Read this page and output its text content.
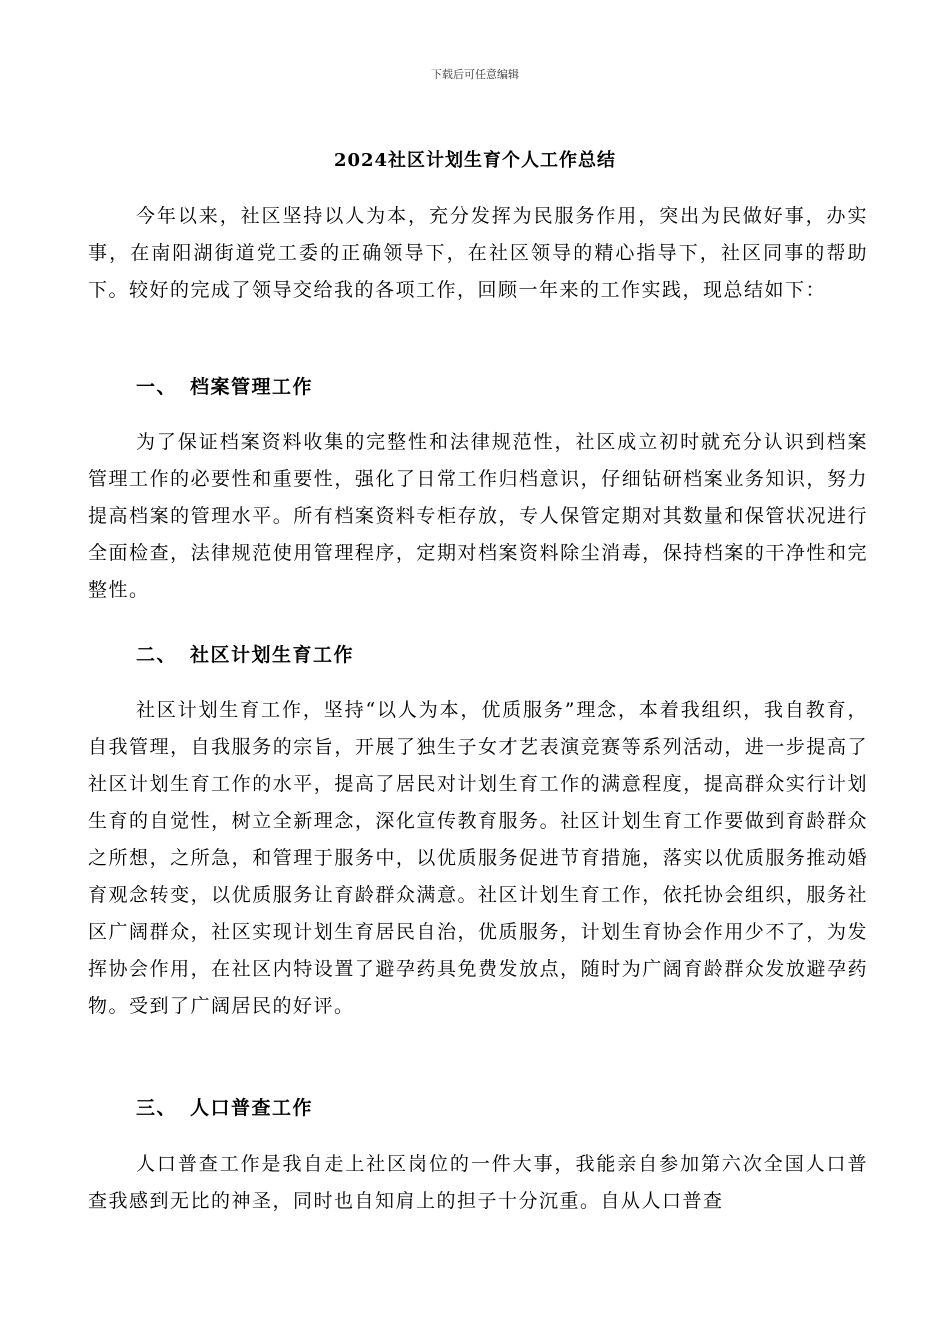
下载后可任意编辑
2024社区计划生育个人工作总结

今年以来，社区坚持以人为本，充分发挥为民服务作用，突出为民做好事，办实事，在南阳湖街道党工委的正确领导下，在社区领导的精心指导下，社区同事的帮助下。较好的完成了领导交给我的各项工作，回顾一年来的工作实践，现总结如下：

一、 档案管理工作

为了保证档案资料收集的完整性和法律规范性，社区成立初时就充分认识到档案管理工作的必要性和重要性，强化了日常工作归档意识，仔细钻研档案业务知识，努力提高档案的管理水平。所有档案资料专柜存放，专人保管定期对其数量和保管状况进行全面检查，法律规范使用管理程序，定期对档案资料除尘消毒，保持档案的干净性和完整性。

二、 社区计划生育工作

社区计划生育工作，坚持“以人为本，优质服务”理念，本着我组织，我自教育，自我管理，自我服务的宗旨，开展了独生子女才艺表演竞赛等系列活动，进一步提高了社区计划生育工作的水平，提高了居民对计划生育工作的满意程度，提高群众实行计划生育的自觉性，树立全新理念，深化宣传教育服务。社区计划生育工作要做到育龄群众之所想，之所急，和管理于服务中，以优质服务促进节育措施，落实以优质服务推动婚育观念转变，以优质服务让育龄群众满意。社区计划生育工作，依托协会组织，服务社区广阔群众，社区实现计划生育居民自治，优质服务，计划生育协会作用少不了，为发挥协会作用，在社区内特设置了避孕药具免费发放点，随时为广阔育龄群众发放避孕药物。受到了广阔居民的好评。

三、 人口普查工作

人口普查工作是我自走上社区岗位的一件大事，我能亲自参加第六次全国人口普查我感到无比的神圣，同时也自知肩上的担子十分沉重。自从人口普查
